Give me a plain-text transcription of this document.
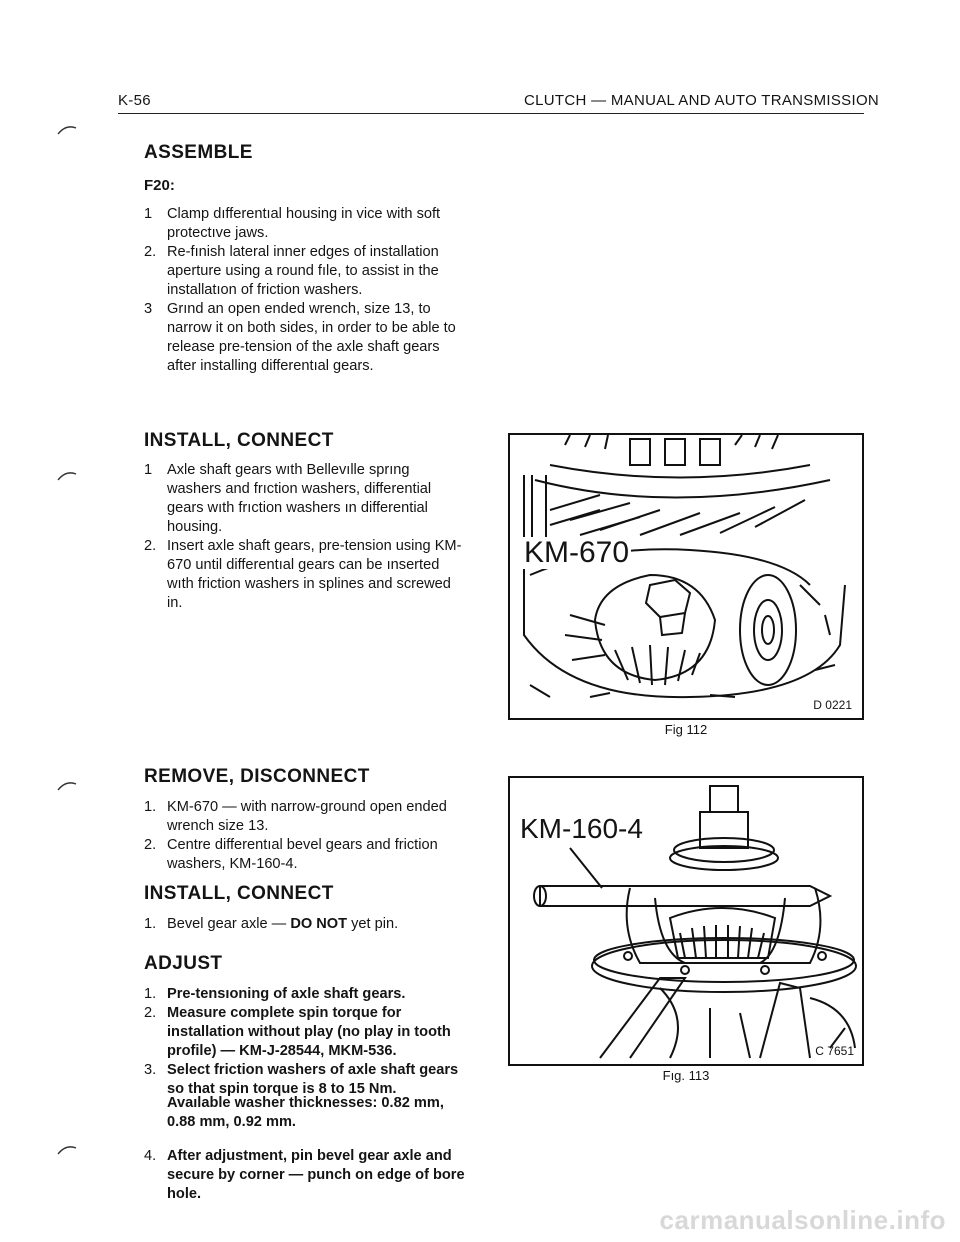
K-56	CLUTCH — MANUAL AND AUTO TRANSMISSION
ASSEMBLE
F20:
1 Clamp dıfferentıal housing in vice with soft protectıve jaws.
2. Re-fınish lateral inner edges of installation aperture using a round fıle, to assist in the installatıon of friction washers.
3 Grınd an open ended wrench, size 13, to narrow it on both sides, in order to be able to release pre-tension of the axle shaft gears after installing differentıal gears.
INSTALL, CONNECT
1 Axle shaft gears wıth Bellevılle sprıng washers and frıction washers, differential gears wıth frıction washers ın differential housing.
2. Insert axle shaft gears, pre-tension using KM-670 until differentıal gears can be ınserted wıth friction washers in splines and screwed in.
REMOVE, DISCONNECT
1. KM-670 — with narrow-ground open ended wrench size 13.
2. Centre differentıal bevel gears and friction washers, KM-160-4.
INSTALL, CONNECT
1. Bevel gear axle — DO NOT yet pin.
ADJUST
1. Pre-tensıoning of axle shaft gears.
2. Measure complete spin torque for installation without play (no play in tooth profile) — KM-J-28544, MKM-536.
3. Select friction washers of axle shaft gears so that spin torque is 8 to 15 Nm.
Avaılable washer thicknesses: 0.82 mm, 0.88 mm, 0.92 mm.
4. After adjustment, pin bevel gear axle and secure by corner — punch on edge of bore hole.
KM-670
D 0221
Fig 112
KM-160-4
C 7651
Fıg. 113
carmanualsonline.info
